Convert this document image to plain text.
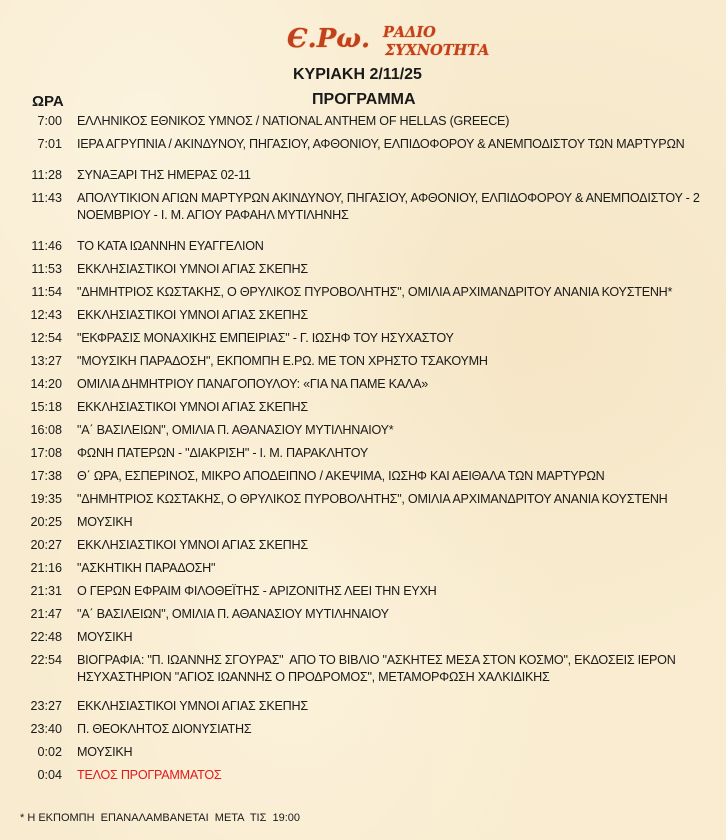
Є.Ρω. ΡΑΔΙΟ
ΣΥΧΝΟΤΗΤΑ
ΚΥΡΙΑΚΗ 2/11/25
ΩΡΑ	ΠΡΟΓΡΑΜΜΑ
7:00 ΕΛΛΗΝΙΚΟΣ ΕΘΝΙΚΟΣ ΥΜΝΟΣ / NATIONAL ANTHEM OF HELLAS (GREECE)
7:01 ΙΕΡΑ ΑΓΡΥΠΝΙΑ / ΑΚΙΝΔΥΝΟΥ, ΠΗΓΑΣΙΟΥ, ΑΦΘΟΝΙΟΥ, ΕΛΠΙΔΟΦΟΡΟΥ & ΑΝΕΜΠΟΔΙΣΤΟΥ ΤΩΝ ΜΑΡΤΥΡΩΝ
11:28 ΣΥΝΑΞΑΡΙ ΤΗΣ ΗΜΕΡΑΣ 02-11
11:43 ΑΠΟΛΥΤΙΚΙΟΝ ΑΓΙΩΝ ΜΑΡΤΥΡΩΝ ΑΚΙΝΔΥΝΟΥ, ΠΗΓΑΣΙΟΥ, ΑΦΘΟΝΙΟΥ, ΕΛΠΙΔΟΦΟΡΟΥ & ΑΝΕΜΠΟΔΙΣΤΟΥ - 2 ΝΟΕΜΒΡΙΟΥ - Ι. Μ. ΑΓΙΟΥ ΡΑΦΑΗΛ ΜΥΤΙΛΗΝΗΣ
11:46 ΤΟ ΚΑΤΑ ΙΩΑΝΝΗΝ ΕΥΑΓΓΕΛΙΟΝ
11:53 ΕΚΚΛΗΣΙΑΣΤΙΚΟΙ ΥΜΝΟΙ ΑΓΙΑΣ ΣΚΕΠΗΣ
11:54 "ΔΗΜΗΤΡΙΟΣ ΚΩΣΤΑΚΗΣ, Ο ΘΡΥΛΙΚΟΣ ΠΥΡΟΒΟΛΗΤΗΣ", ΟΜΙΛΙΑ ΑΡΧΙΜΑΝΔΡΙΤΟΥ ΑΝΑΝΙΑ ΚΟΥΣΤΕΝΗ*
12:43 ΕΚΚΛΗΣΙΑΣΤΙΚΟΙ ΥΜΝΟΙ ΑΓΙΑΣ ΣΚΕΠΗΣ
12:54 "ΕΚΦΡΑΣΙΣ ΜΟΝΑΧΙΚΗΣ ΕΜΠΕΙΡΙΑΣ" - Γ. ΙΩΣΗΦ ΤΟΥ ΗΣΥΧΑΣΤΟΥ
13:27 "ΜΟΥΣΙΚΗ ΠΑΡΑΔΟΣΗ", ΕΚΠΟΜΠΗ Ε.ΡΩ. ΜΕ ΤΟΝ ΧΡΗΣΤΟ ΤΣΑΚΟΥΜΗ
14:20 ΟΜΙΛΙΑ ΔΗΜΗΤΡΙΟΥ ΠΑΝΑΓΟΠΟΥΛΟΥ: «ΓΙΑ ΝΑ ΠΑΜΕ ΚΑΛΑ»
15:18 ΕΚΚΛΗΣΙΑΣΤΙΚΟΙ ΥΜΝΟΙ ΑΓΙΑΣ ΣΚΕΠΗΣ
16:08 "Α΄ ΒΑΣΙΛΕΙΩΝ", ΟΜΙΛΙΑ Π. ΑΘΑΝΑΣΙΟΥ ΜΥΤΙΛΗΝΑΙΟΥ*
17:08 ΦΩΝΗ ΠΑΤΕΡΩΝ - "ΔΙΑΚΡΙΣΗ" - Ι. Μ. ΠΑΡΑΚΛΗΤΟΥ
17:38 Θ΄ ΩΡΑ, ΕΣΠΕΡΙΝΟΣ, ΜΙΚΡΟ ΑΠΟΔΕΙΠΝΟ / ΑΚΕΨΙΜΑ, ΙΩΣΗΦ ΚΑΙ ΑΕΙΘΑΛΑ ΤΩΝ ΜΑΡΤΥΡΩΝ
19:35 "ΔΗΜΗΤΡΙΟΣ ΚΩΣΤΑΚΗΣ, Ο ΘΡΥΛΙΚΟΣ ΠΥΡΟΒΟΛΗΤΗΣ", ΟΜΙΛΙΑ ΑΡΧΙΜΑΝΔΡΙΤΟΥ ΑΝΑΝΙΑ ΚΟΥΣΤΕΝΗ
20:25 ΜΟΥΣΙΚΗ
20:27 ΕΚΚΛΗΣΙΑΣΤΙΚΟΙ ΥΜΝΟΙ ΑΓΙΑΣ ΣΚΕΠΗΣ
21:16 "ΑΣΚΗΤΙΚΗ ΠΑΡΑΔΟΣΗ"
21:31 Ο ΓΕΡΩΝ ΕΦΡΑΙΜ ΦΙΛΟΘΕΪΤΗΣ - ΑΡΙΖΟΝΙΤΗΣ ΛΕΕΙ ΤΗΝ ΕΥΧΗ
21:47 "Α΄ ΒΑΣΙΛΕΙΩΝ", ΟΜΙΛΙΑ Π. ΑΘΑΝΑΣΙΟΥ ΜΥΤΙΛΗΝΑΙΟΥ
22:48 ΜΟΥΣΙΚΗ
22:54 ΒΙΟΓΡΑΦΙΑ: "Π. ΙΩΑΝΝΗΣ ΣΓΟΥΡΑΣ"  ΑΠΟ ΤΟ ΒΙΒΛΙΟ "ΑΣΚΗΤΕΣ ΜΕΣΑ ΣΤΟΝ ΚΟΣΜΟ", ΕΚΔΟΣΕΙΣ ΙΕΡΟΝ ΗΣΥΧΑΣΤΗΡΙΟΝ "ΑΓΙΟΣ ΙΩΑΝΝΗΣ Ο ΠΡΟΔΡΟΜΟΣ", ΜΕΤΑΜΟΡΦΩΣΗ ΧΑΛΚΙΔΙΚΗΣ
23:27 ΕΚΚΛΗΣΙΑΣΤΙΚΟΙ ΥΜΝΟΙ ΑΓΙΑΣ ΣΚΕΠΗΣ
23:40 Π. ΘΕΟΚΛΗΤΟΣ ΔΙΟΝΥΣΙΑΤΗΣ
0:02 ΜΟΥΣΙΚΗ
0:04 ΤΕΛΟΣ ΠΡΟΓΡΑΜΜΑΤΟΣ
* Η ΕΚΠΟΜΠΗ  ΕΠΑΝΑΛΑΜΒΑΝΕΤΑΙ  ΜΕΤΑ  ΤΙΣ  19:00
